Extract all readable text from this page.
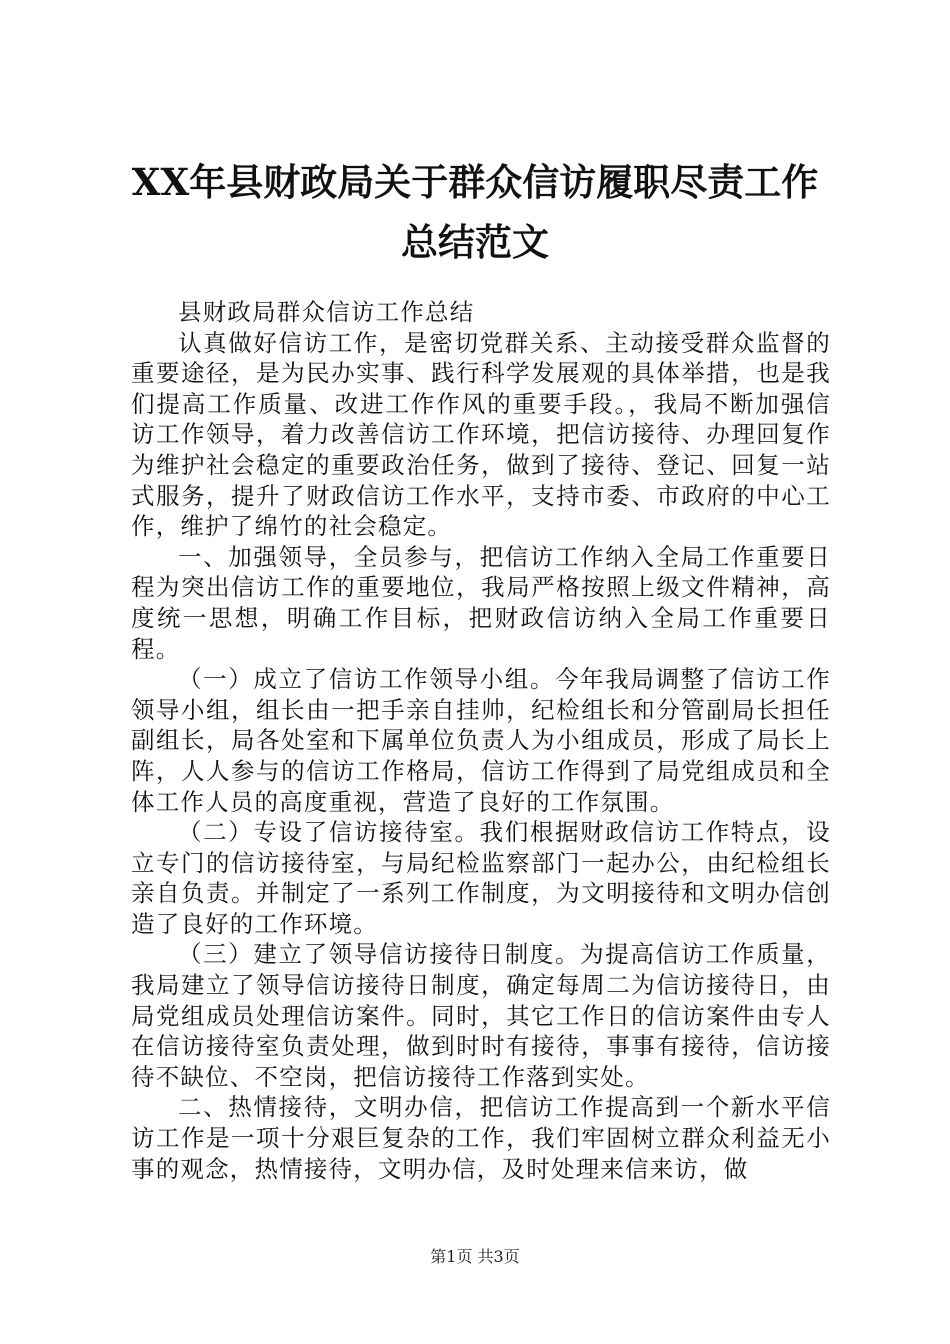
XX年县财政局关于群众信访履职尽责工作总结范文

县财政局群众信访工作总结

认真做好信访工作，是密切党群关系、主动接受群众监督的重要途径，是为民办实事、践行科学发展观的具体举措，也是我们提高工作质量、改进工作作风的重要手段。，我局不断加强信访工作领导，着力改善信访工作环境，把信访接待、办理回复作为维护社会稳定的重要政治任务，做到了接待、登记、回复一站式服务，提升了财政信访工作水平，支持市委、市政府的中心工作，维护了绵竹的社会稳定。

一、加强领导，全员参与，把信访工作纳入全局工作重要日程为突出信访工作的重要地位，我局严格按照上级文件精神，高度统一思想，明确工作目标，把财政信访纳入全局工作重要日程。

（一）成立了信访工作领导小组。今年我局调整了信访工作领导小组，组长由一把手亲自挂帅，纪检组长和分管副局长担任副组长，局各处室和下属单位负责人为小组成员，形成了局长上阵，人人参与的信访工作格局，信访工作得到了局党组成员和全体工作人员的高度重视，营造了良好的工作氛围。

（二）专设了信访接待室。我们根据财政信访工作特点，设立专门的信访接待室，与局纪检监察部门一起办公，由纪检组长亲自负责。并制定了一系列工作制度，为文明接待和文明办信创造了良好的工作环境。

（三）建立了领导信访接待日制度。为提高信访工作质量，我局建立了领导信访接待日制度，确定每周二为信访接待日，由局党组成员处理信访案件。同时，其它工作日的信访案件由专人在信访接待室负责处理，做到时时有接待，事事有接待，信访接待不缺位、不空岗，把信访接待工作落到实处。

二、热情接待，文明办信，把信访工作提高到一个新水平信访工作是一项十分艰巨复杂的工作，我们牢固树立群众利益无小事的观念，热情接待，文明办信，及时处理来信来访，做

第1页 共3页
